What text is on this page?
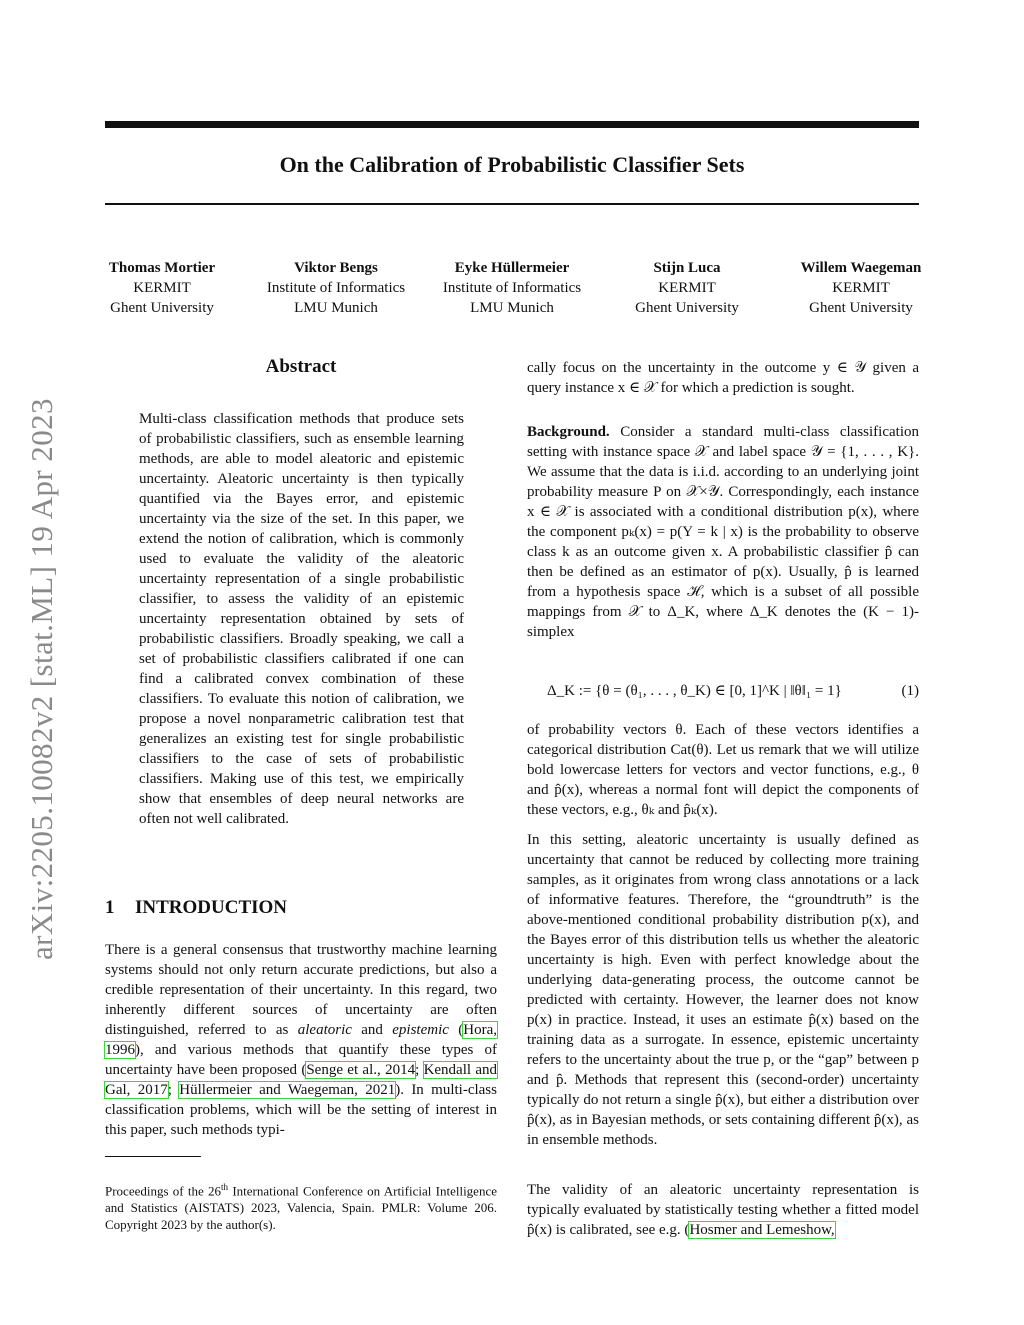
arXiv:2205.10082v2 [stat.ML] 19 Apr 2023
On the Calibration of Probabilistic Classifier Sets
Thomas Mortier
KERMIT
Ghent University
Viktor Bengs
Institute of Informatics
LMU Munich
Eyke Hüllermeier
Institute of Informatics
LMU Munich
Stijn Luca
KERMIT
Ghent University
Willem Waegeman
KERMIT
Ghent University
Abstract
Multi-class classification methods that produce sets of probabilistic classifiers, such as ensemble learning methods, are able to model aleatoric and epistemic uncertainty. Aleatoric uncertainty is then typically quantified via the Bayes error, and epistemic uncertainty via the size of the set. In this paper, we extend the notion of calibration, which is commonly used to evaluate the validity of the aleatoric uncertainty representation of a single probabilistic classifier, to assess the validity of an epistemic uncertainty representation obtained by sets of probabilistic classifiers. Broadly speaking, we call a set of probabilistic classifiers calibrated if one can find a calibrated convex combination of these classifiers. To evaluate this notion of calibration, we propose a novel nonparametric calibration test that generalizes an existing test for single probabilistic classifiers to the case of sets of probabilistic classifiers. Making use of this test, we empirically show that ensembles of deep neural networks are often not well calibrated.
1 INTRODUCTION
There is a general consensus that trustworthy machine learning systems should not only return accurate predictions, but also a credible representation of their uncertainty. In this regard, two inherently different sources of uncertainty are often distinguished, referred to as aleatoric and epistemic (Hora, 1996), and various methods that quantify these types of uncertainty have been proposed (Senge et al., 2014; Kendall and Gal, 2017; Hüllermeier and Waegeman, 2021). In multi-class classification problems, which will be the setting of interest in this paper, such methods typi-
Proceedings of the 26th International Conference on Artificial Intelligence and Statistics (AISTATS) 2023, Valencia, Spain. PMLR: Volume 206. Copyright 2023 by the author(s).
cally focus on the uncertainty in the outcome y ∈ 𝒴 given a query instance x ∈ 𝒳 for which a prediction is sought.
Background. Consider a standard multi-class classification setting with instance space 𝒳 and label space 𝒴 = {1, . . . , K}. We assume that the data is i.i.d. according to an underlying joint probability measure P on 𝒳×𝒴. Correspondingly, each instance x ∈ 𝒳 is associated with a conditional distribution p(x), where the component pₖ(x) = p(Y = k | x) is the probability to observe class k as an outcome given x. A probabilistic classifier p̂ can then be defined as an estimator of p(x). Usually, p̂ is learned from a hypothesis space ℋ, which is a subset of all possible mappings from 𝒳 to Δ_K, where Δ_K denotes the (K − 1)-simplex
Δ_K := {θ = (θ₁, . . . , θ_K) ∈ [0, 1]^K | ‖θ‖₁ = 1}	(1)
of probability vectors θ. Each of these vectors identifies a categorical distribution Cat(θ). Let us remark that we will utilize bold lowercase letters for vectors and vector functions, e.g., θ and p̂(x), whereas a normal font will depict the components of these vectors, e.g., θₖ and p̂ₖ(x).
In this setting, aleatoric uncertainty is usually defined as uncertainty that cannot be reduced by collecting more training samples, as it originates from wrong class annotations or a lack of informative features. Therefore, the “groundtruth” is the above-mentioned conditional probability distribution p(x), and the Bayes error of this distribution tells us whether the aleatoric uncertainty is high. Even with perfect knowledge about the underlying data-generating process, the outcome cannot be predicted with certainty. However, the learner does not know p(x) in practice. Instead, it uses an estimate p̂(x) based on the training data as a surrogate. In essence, epistemic uncertainty refers to the uncertainty about the true p, or the “gap” between p and p̂. Methods that represent this (second-order) uncertainty typically do not return a single p̂(x), but either a distribution over p̂(x), as in Bayesian methods, or sets containing different p̂(x), as in ensemble methods.
The validity of an aleatoric uncertainty representation is typically evaluated by statistically testing whether a fitted model p̂(x) is calibrated, see e.g. (Hosmer and Lemeshow,
